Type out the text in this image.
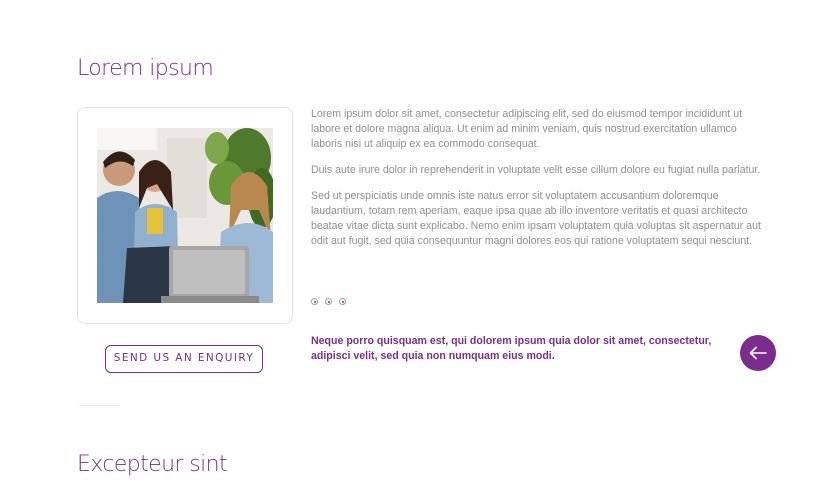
Lorem ipsum

Lorem ipsum dolor sit amet, consectetur adipiscing elit, sed do eiusmod tempor incididunt ut labore et dolore magna aliqua. Ut enim ad minim veniam, quis nostrud exercitation ullamco laboris nisi ut aliquip ex ea commodo consequat.

Duis aute irure dolor in reprehenderit in voluptate velit esse cillum dolore eu fugiat nulla pariatur.

Sed ut perspiciatis unde omnis iste natus error sit voluptatem accusantium doloremque laudantium, totam rem aperiam, eaque ipsa quae ab illo inventore veritatis et quasi architecto beatae vitae dicta sunt explicabo. Nemo enim ipsam voluptatem quia voluptas sit aspernatur aut odit aut fugit, sed quia consequuntur magni dolores eos qui ratione voluptatem sequi nesciunt.

SEND US AN ENQUIRY

Neque porro quisquam est, qui dolorem ipsum quia dolor sit amet, consectetur, adipisci velit, sed quia non numquam eius modi.

Excepteur sint
